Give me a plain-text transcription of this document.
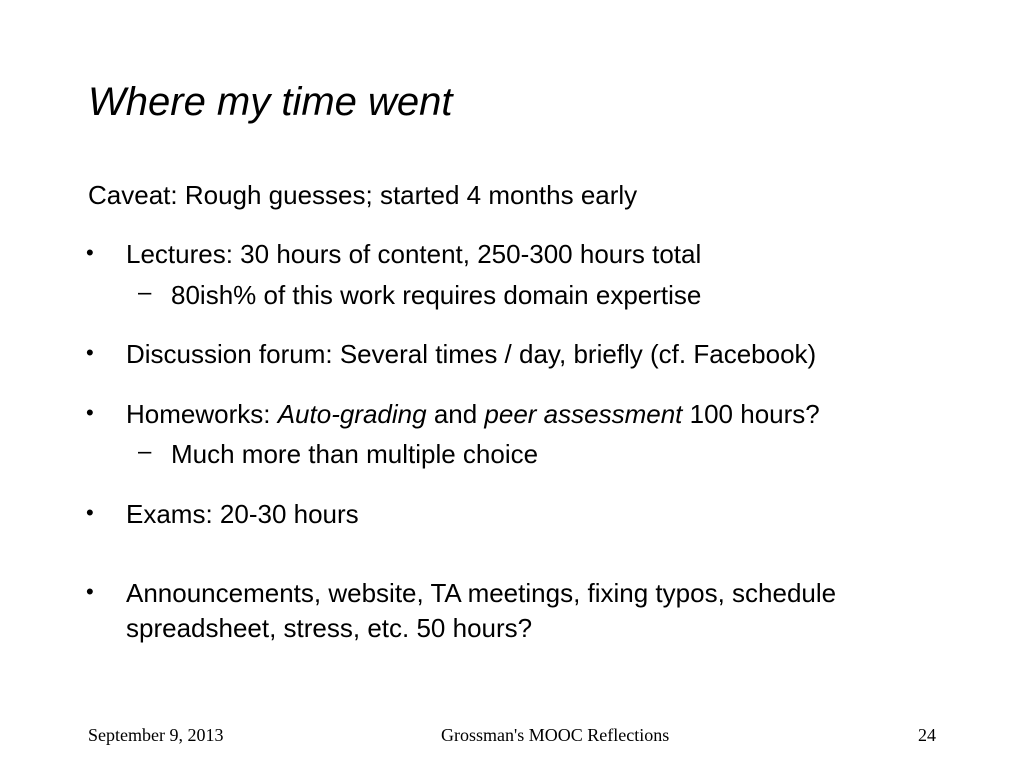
Where my time went
Caveat: Rough guesses; started 4 months early
• Lectures: 30 hours of content, 250-300 hours total
– 80ish% of this work requires domain expertise
• Discussion forum: Several times / day, briefly (cf. Facebook)
• Homeworks: Auto-grading and peer assessment 100 hours?
– Much more than multiple choice
• Exams: 20-30 hours
• Announcements, website, TA meetings, fixing typos, schedule
spreadsheet, stress, etc. 50 hours?
September 9, 2013	Grossman's MOOC Reflections	24
